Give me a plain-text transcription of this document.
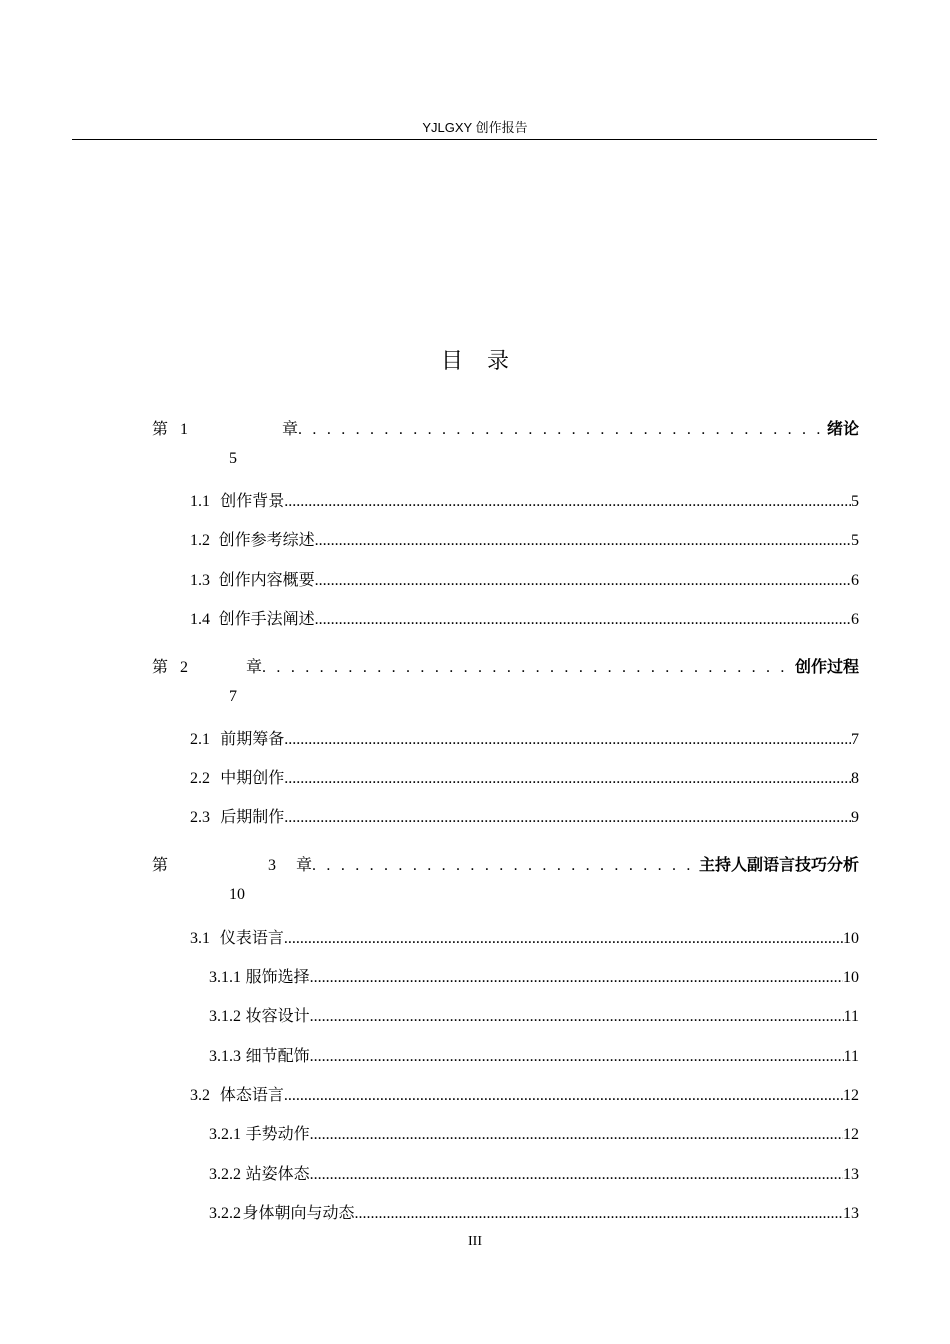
YJLGXY 创作报告
目录
第 1	章 . . .	绪论
5
1.1 创作背景 .....	5
1.2 创作参考综述 .....	5
1.3 创作内容概要 .....	6
1.4 创作手法阐述 .....	6
第 2	章 . . .	创作过程
7
2.1 前期筹备 .....	7
2.2 中期创作 .....	8
2.3 后期制作 .....	9
第	3 章 . . .	主持人副语言技巧分析
10
3.1 仪表语言 .....	10
3.1.1 服饰选择 .....	10
3.1.2 妆容设计 .....	11
3.1.3 细节配饰 .....	11
3.2 体态语言 .....	12
3.2.1 手势动作 .....	12
3.2.2 站姿体态 .....	13
3.2.2 身体朝向与动态 .....	13
III
